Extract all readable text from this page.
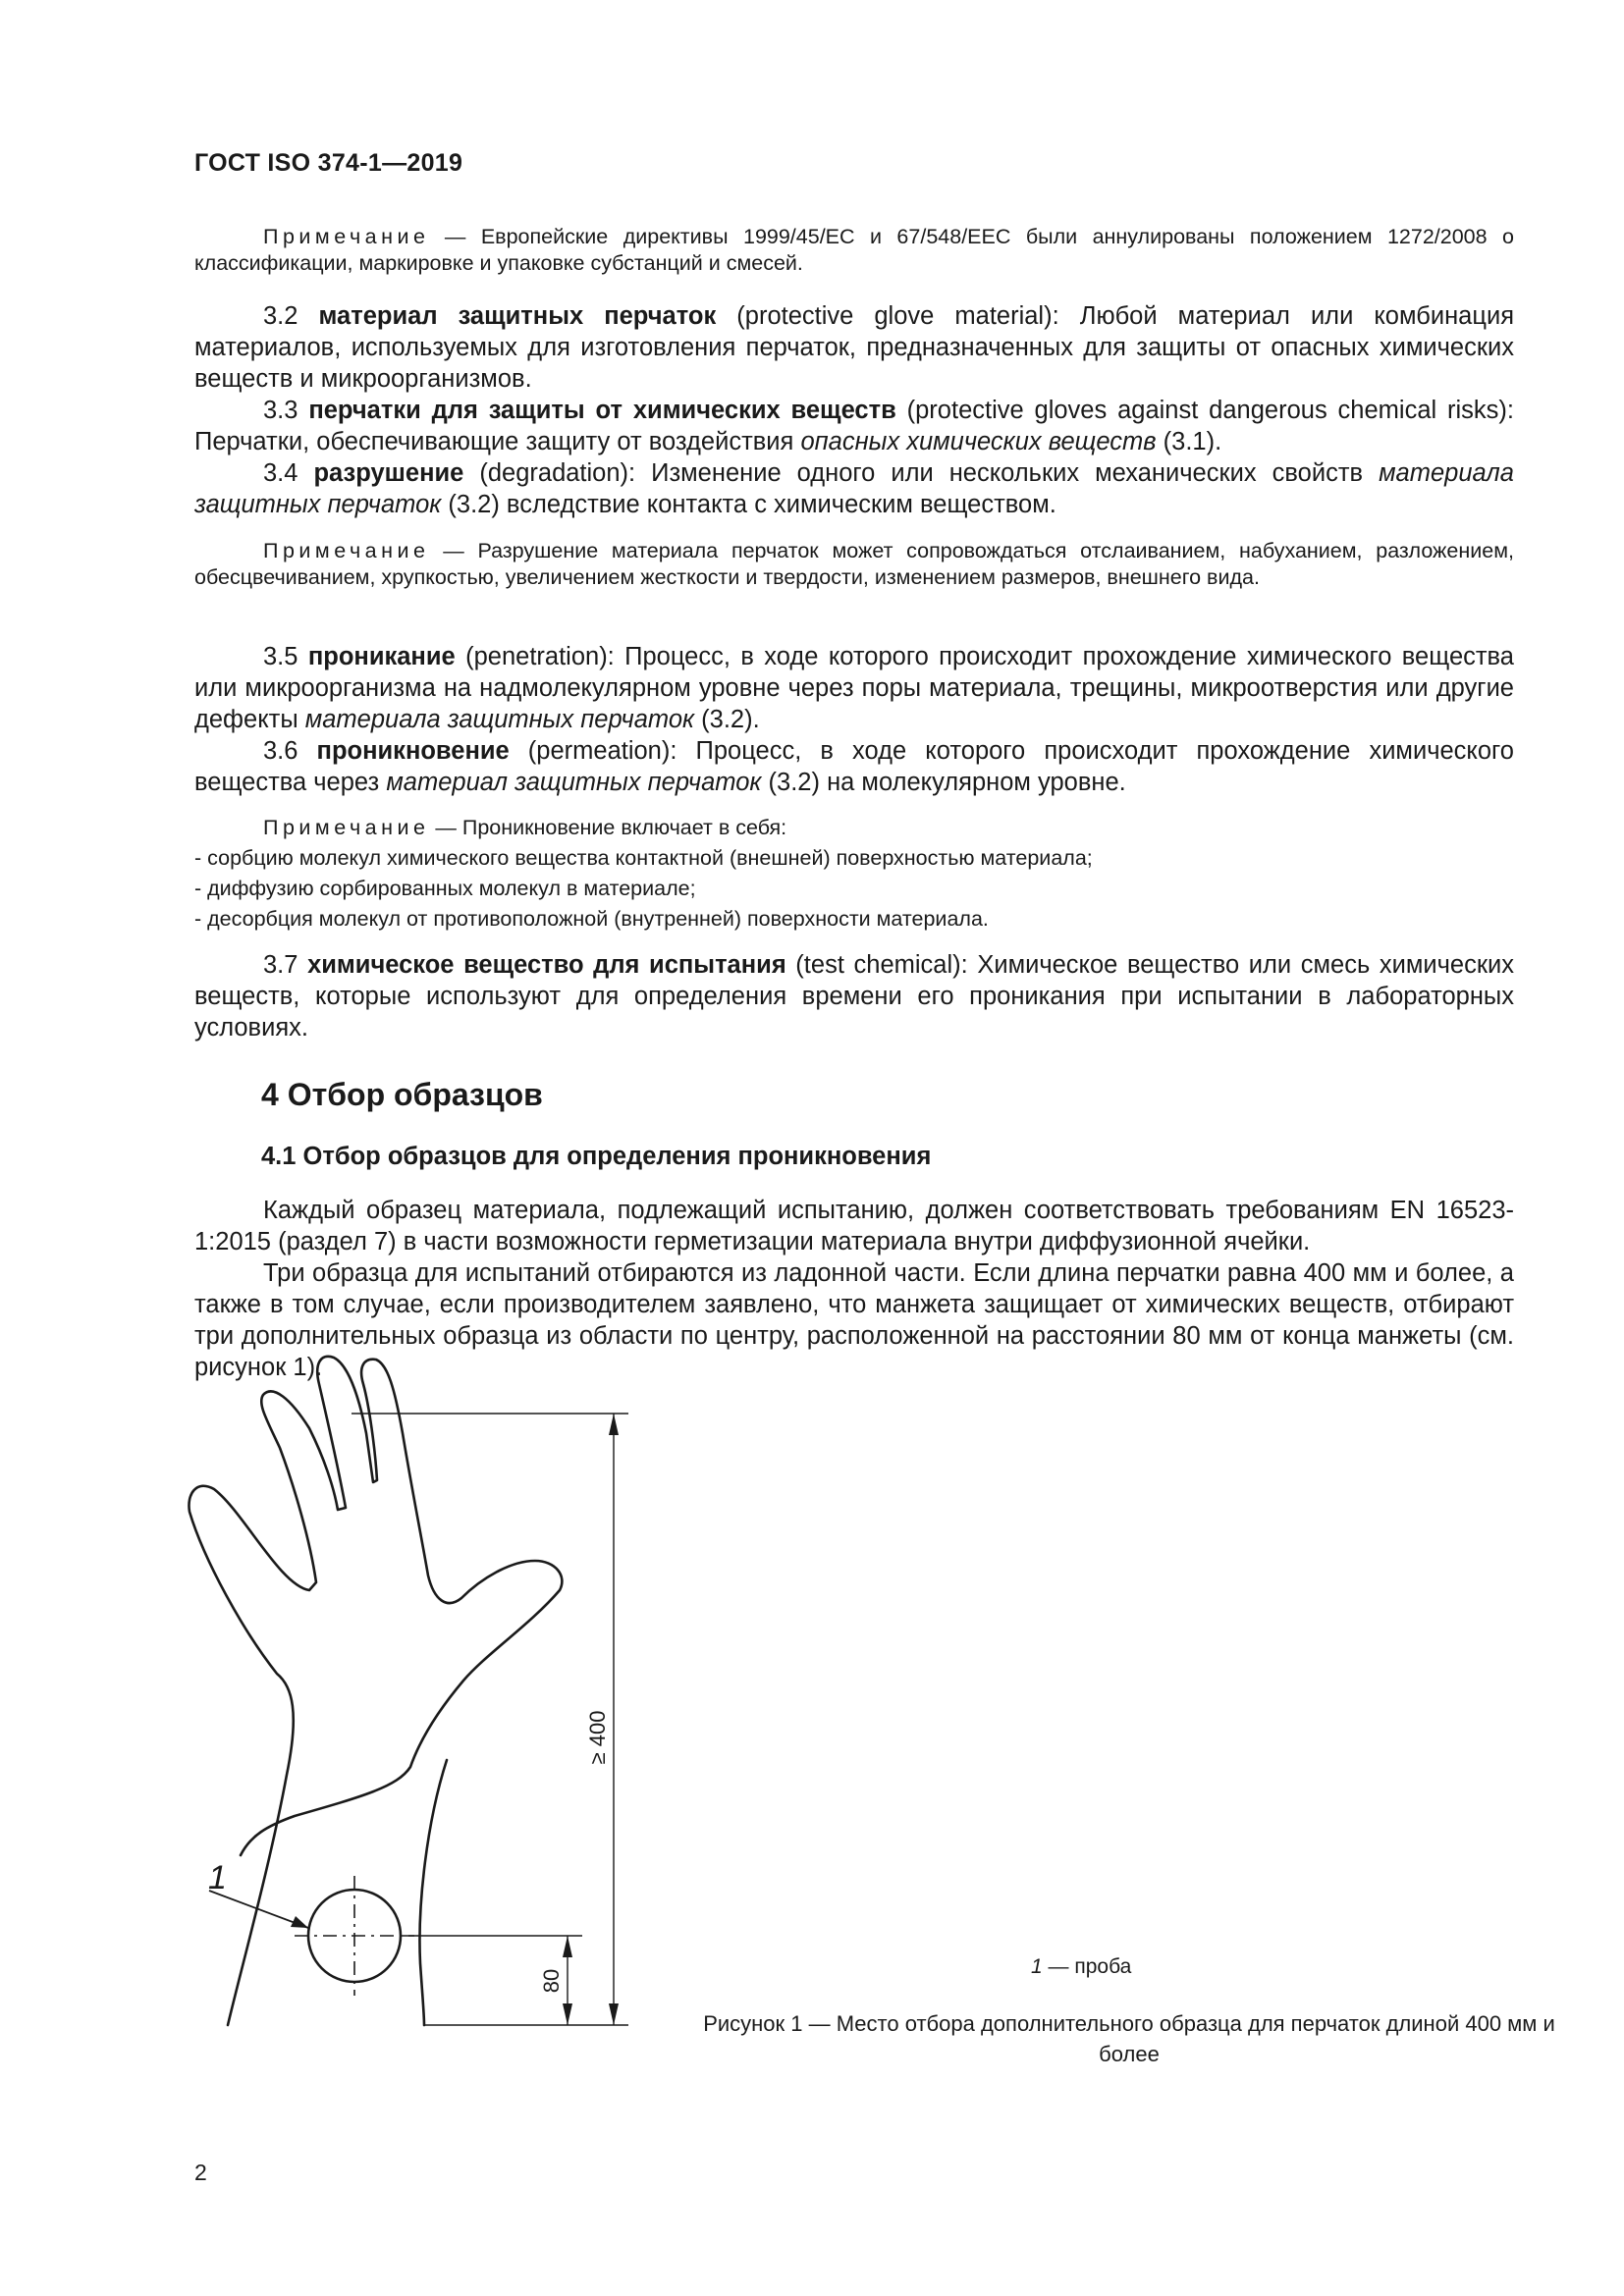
ГОСТ ISO 374-1—2019

Примечание — Европейские директивы 1999/45/ЕС и 67/548/ЕЕС были аннулированы положением 1272/2008 о классификации, маркировке и упаковке субстанций и смесей.

3.2 материал защитных перчаток (protective glove material): Любой материал или комбинация материалов, используемых для изготовления перчаток, предназначенных для защиты от опасных химических веществ и микроорганизмов.

3.3 перчатки для защиты от химических веществ (protective gloves against dangerous chemical risks): Перчатки, обеспечивающие защиту от воздействия опасных химических веществ (3.1).

3.4 разрушение (degradation): Изменение одного или нескольких механических свойств материала защитных перчаток (3.2) вследствие контакта с химическим веществом.

Примечание — Разрушение материала перчаток может сопровождаться отслаиванием, набуханием, разложением, обесцвечиванием, хрупкостью, увеличением жесткости и твердости, изменением размеров, внешнего вида.

3.5 проникание (penetration): Процесс, в ходе которого происходит прохождение химического вещества или микроорганизма на надмолекулярном уровне через поры материала, трещины, микроотверстия или другие дефекты материала защитных перчаток (3.2).

3.6 проникновение (permeation): Процесс, в ходе которого происходит прохождение химического вещества через материал защитных перчаток (3.2) на молекулярном уровне.

Примечание — Проникновение включает в себя:

- сорбцию молекул химического вещества контактной (внешней) поверхностью материала;
- диффузию сорбированных молекул в материале;
- десорбция молекул от противоположной (внутренней) поверхности материала.

3.7 химическое вещество для испытания (test chemical): Химическое вещество или смесь химических веществ, которые используют для определения времени его проникания при испытании в лабораторных условиях.

4 Отбор образцов
4.1 Отбор образцов для определения проникновения

Каждый образец материала, подлежащий испытанию, должен соответствовать требованиям EN 16523-1:2015 (раздел 7) в части возможности герметизации материала внутри диффузионной ячейки.

Три образца для испытаний отбираются из ладонной части. Если длина перчатки равна 400 мм и более, а также в том случае, если производителем заявлено, что манжета защищает от химических веществ, отбирают три дополнительных образца из области по центру, расположенной на расстоянии 80 мм от конца манжеты (см. рисунок 1).

1
≥ 400
80
1 — проба
Рисунок 1 — Место отбора дополнительного образца для перчаток длиной 400 мм и более
2
